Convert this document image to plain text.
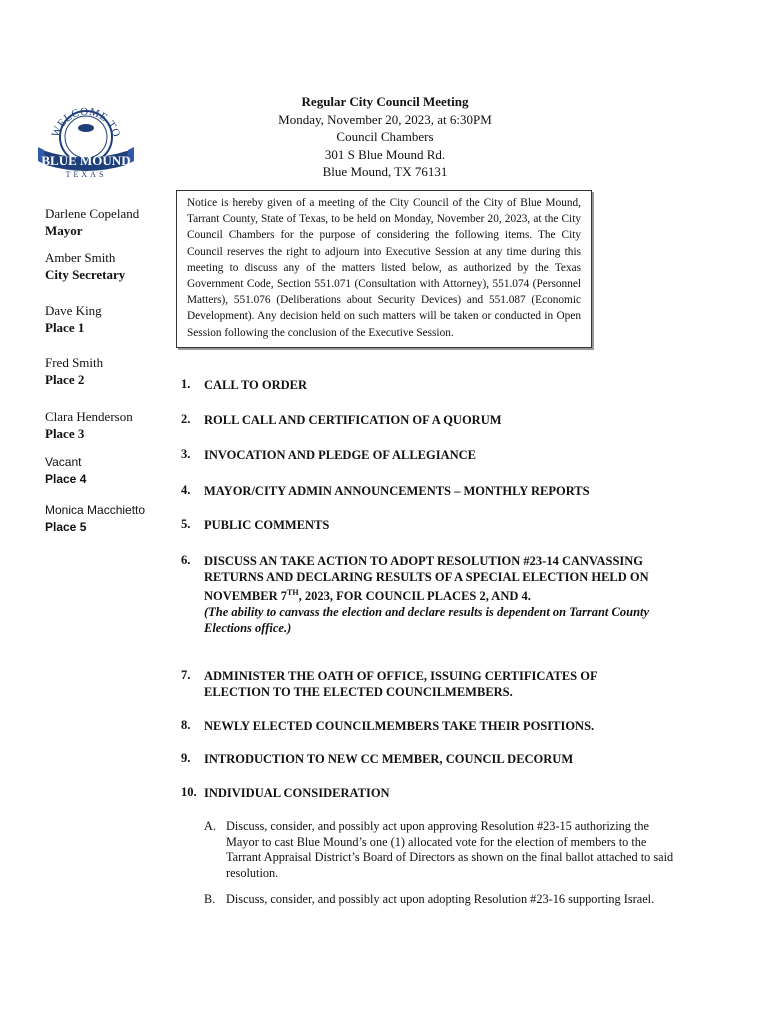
WELCOME TO
BLUE MOUND
TEXAS
Regular City Council Meeting
Monday, November 20, 2023, at 6:30PM
Council Chambers
301 S Blue Mound Rd.
Blue Mound, TX 76131
Darlene Copeland
Mayor
Amber Smith
City Secretary
Dave King
Place 1
Fred Smith
Place 2
Clara Henderson
Place 3
Vacant
Place 4
Monica Macchietto
Place 5
Notice is hereby given of a meeting of the City Council of the City of Blue Mound, Tarrant County, State of Texas, to be held on Monday, November 20, 2023, at the City Council Chambers for the purpose of considering the following items. The City Council reserves the right to adjourn into Executive Session at any time during this meeting to discuss any of the matters listed below, as authorized by the Texas Government Code, Section 551.071 (Consultation with Attorney), 551.074 (Personnel Matters), 551.076 (Deliberations about Security Devices) and 551.087 (Economic Development). Any decision held on such matters will be taken or conducted in Open Session following the conclusion of the Executive Session.
1. CALL TO ORDER
2. ROLL CALL AND CERTIFICATION OF A QUORUM
3. INVOCATION AND PLEDGE OF ALLEGIANCE
4. MAYOR/CITY ADMIN ANNOUNCEMENTS – MONTHLY REPORTS
5. PUBLIC COMMENTS
6. DISCUSS AN TAKE ACTION TO ADOPT RESOLUTION #23-14 CANVASSING RETURNS AND DECLARING RESULTS OF A SPECIAL ELECTION HELD ON NOVEMBER 7TH, 2023, FOR COUNCIL PLACES 2, AND 4.
(The ability to canvass the election and declare results is dependent on Tarrant County Elections office.)
7. ADMINISTER THE OATH OF OFFICE, ISSUING CERTIFICATES OF ELECTION TO THE ELECTED COUNCILMEMBERS.
8. NEWLY ELECTED COUNCILMEMBERS TAKE THEIR POSITIONS.
9. INTRODUCTION TO NEW CC MEMBER, COUNCIL DECORUM
10. INDIVIDUAL CONSIDERATION
A. Discuss, consider, and possibly act upon approving Resolution #23-15 authorizing the Mayor to cast Blue Mound’s one (1) allocated vote for the election of members to the Tarrant Appraisal District’s Board of Directors as shown on the final ballot attached to said resolution.
B. Discuss, consider, and possibly act upon adopting Resolution #23-16 supporting Israel.
